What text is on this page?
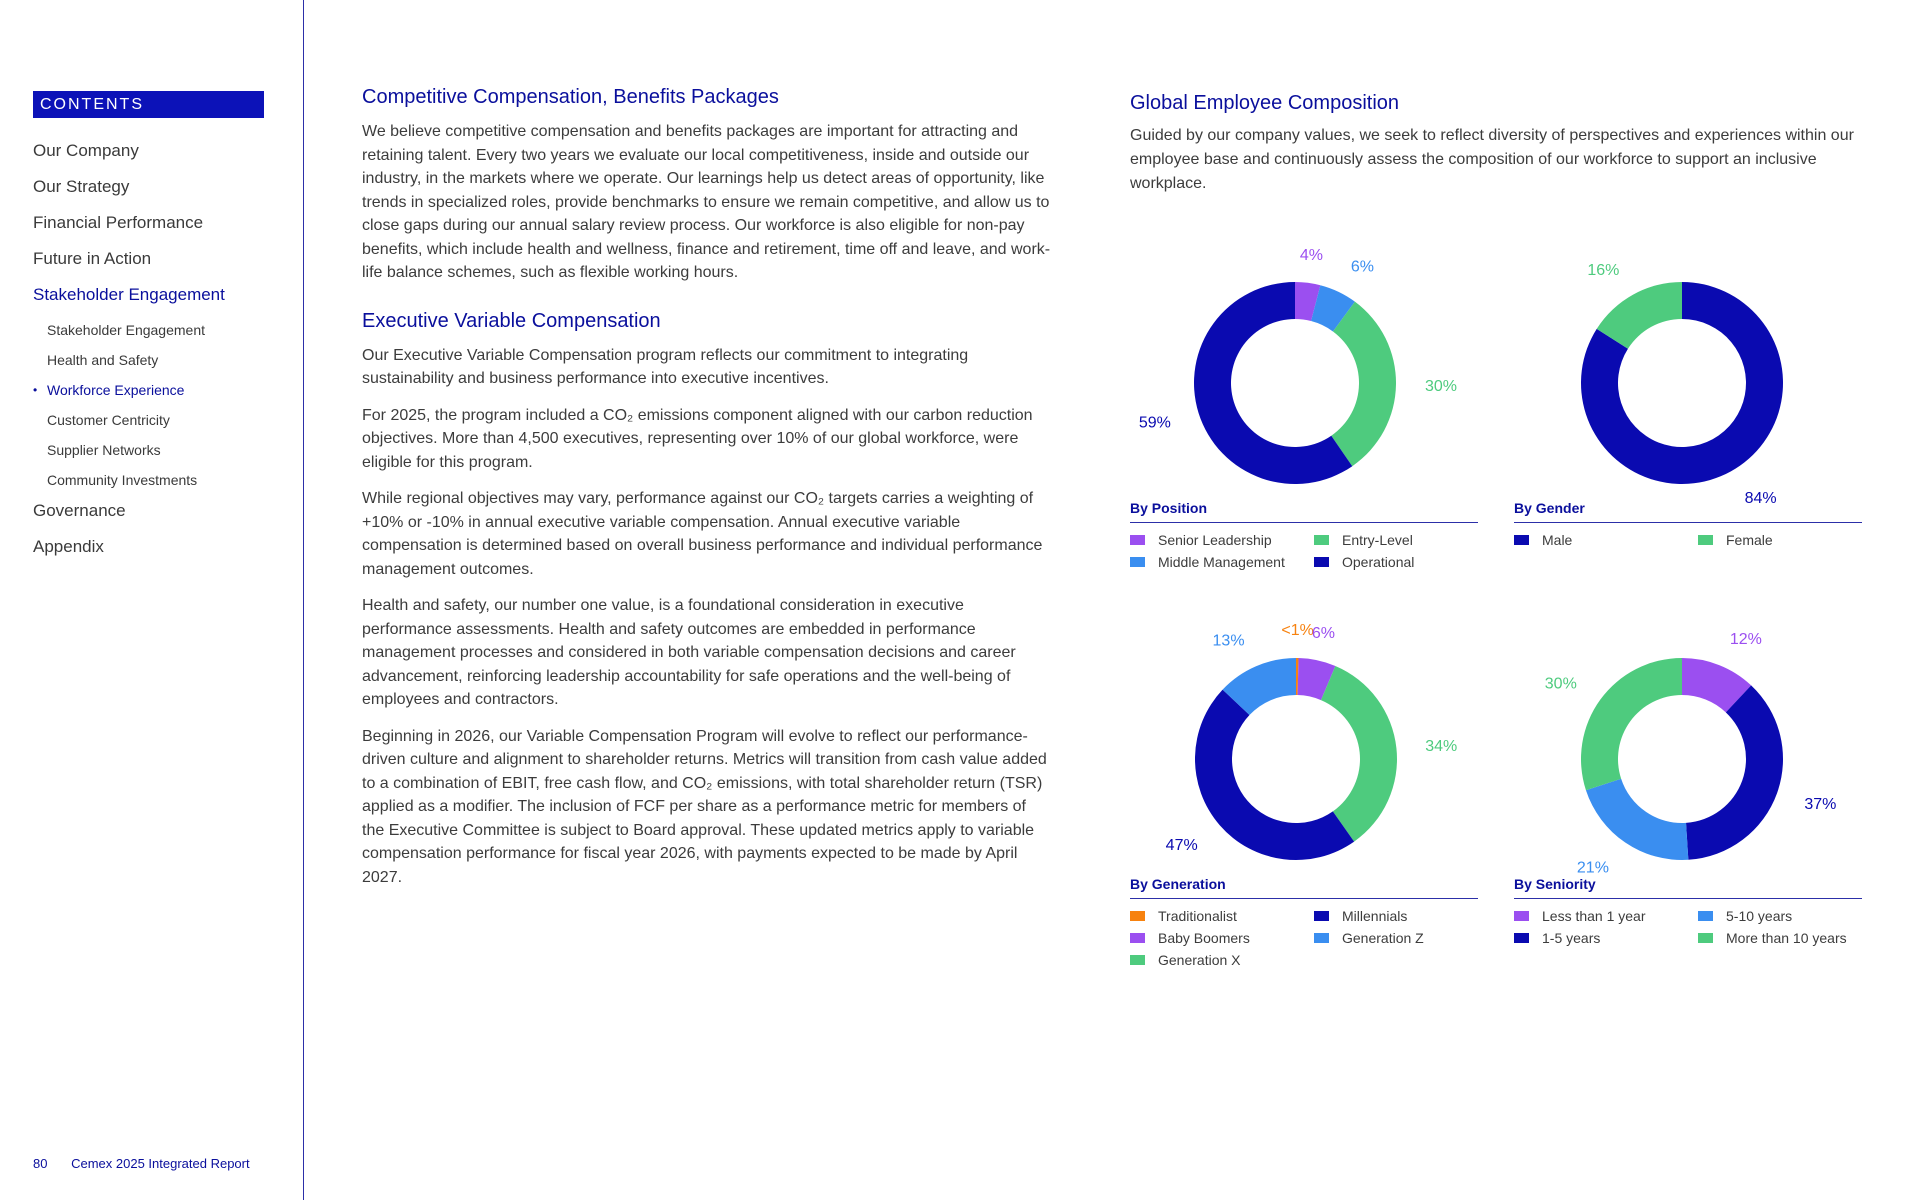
CONTENTS
Our Company
Our Strategy
Financial Performance
Future in Action
Stakeholder Engagement
Stakeholder Engagement
Health and Safety
• Workforce Experience
Customer Centricity
Supplier Networks
Community Investments
Governance
Appendix
80 Cemex 2025 Integrated Report
Competitive Compensation, Benefits Packages

We believe competitive compensation and benefits packages are important for attracting and retaining talent. Every two years we evaluate our local competitiveness, inside and outside our industry, in the markets where we operate. Our learnings help us detect areas of opportunity, like trends in specialized roles, provide benchmarks to ensure we remain competitive, and allow us to close gaps during our annual salary review process. Our workforce is also eligible for non-pay benefits, which include health and wellness, finance and retirement, time off and leave, and work-life balance schemes, such as flexible working hours.

Executive Variable Compensation

Our Executive Variable Compensation program reflects our commitment to integrating sustainability and business performance into executive incentives.

For 2025, the program included a CO₂ emissions component aligned with our carbon reduction objectives. More than 4,500 executives, representing over 10% of our global workforce, were eligible for this program.

While regional objectives may vary, performance against our CO₂ targets carries a weighting of +10% or -10% in annual executive variable compensation. Annual executive variable compensation is determined based on overall business performance and individual performance management outcomes.

Health and safety, our number one value, is a foundational consideration in executive performance assessments. Health and safety outcomes are embedded in performance management processes and considered in both variable compensation decisions and career advancement, reinforcing leadership accountability for safe operations and the well-being of employees and contractors.

Beginning in 2026, our Variable Compensation Program will evolve to reflect our performance-driven culture and alignment to shareholder returns. Metrics will transition from cash value added to a combination of EBIT, free cash flow, and CO₂ emissions, with total shareholder return (TSR) applied as a modifier. The inclusion of FCF per share as a performance metric for members of the Executive Committee is subject to Board approval. These updated metrics apply to variable compensation performance for fiscal year 2026, with payments expected to be made by April 2027.

Global Employee Composition
Guided by our company values, we seek to reflect diversity of perspectives and experiences within our employee base and continuously assess the composition of our workforce to support an inclusive workplace.
4%
6%
30%
59%
84%
16%
<1%
6%
34%
47%
13%	12%
37%
21%
30%
By Position
Senior Leadership	Entry-Level
Middle Management	Operational
By Gender
Male	Female
By Generation
Traditionalist	Millennials
Baby Boomers	Generation Z
Generation X
By Seniority
Less than 1 year	5-10 years
1-5 years	More than 10 years
